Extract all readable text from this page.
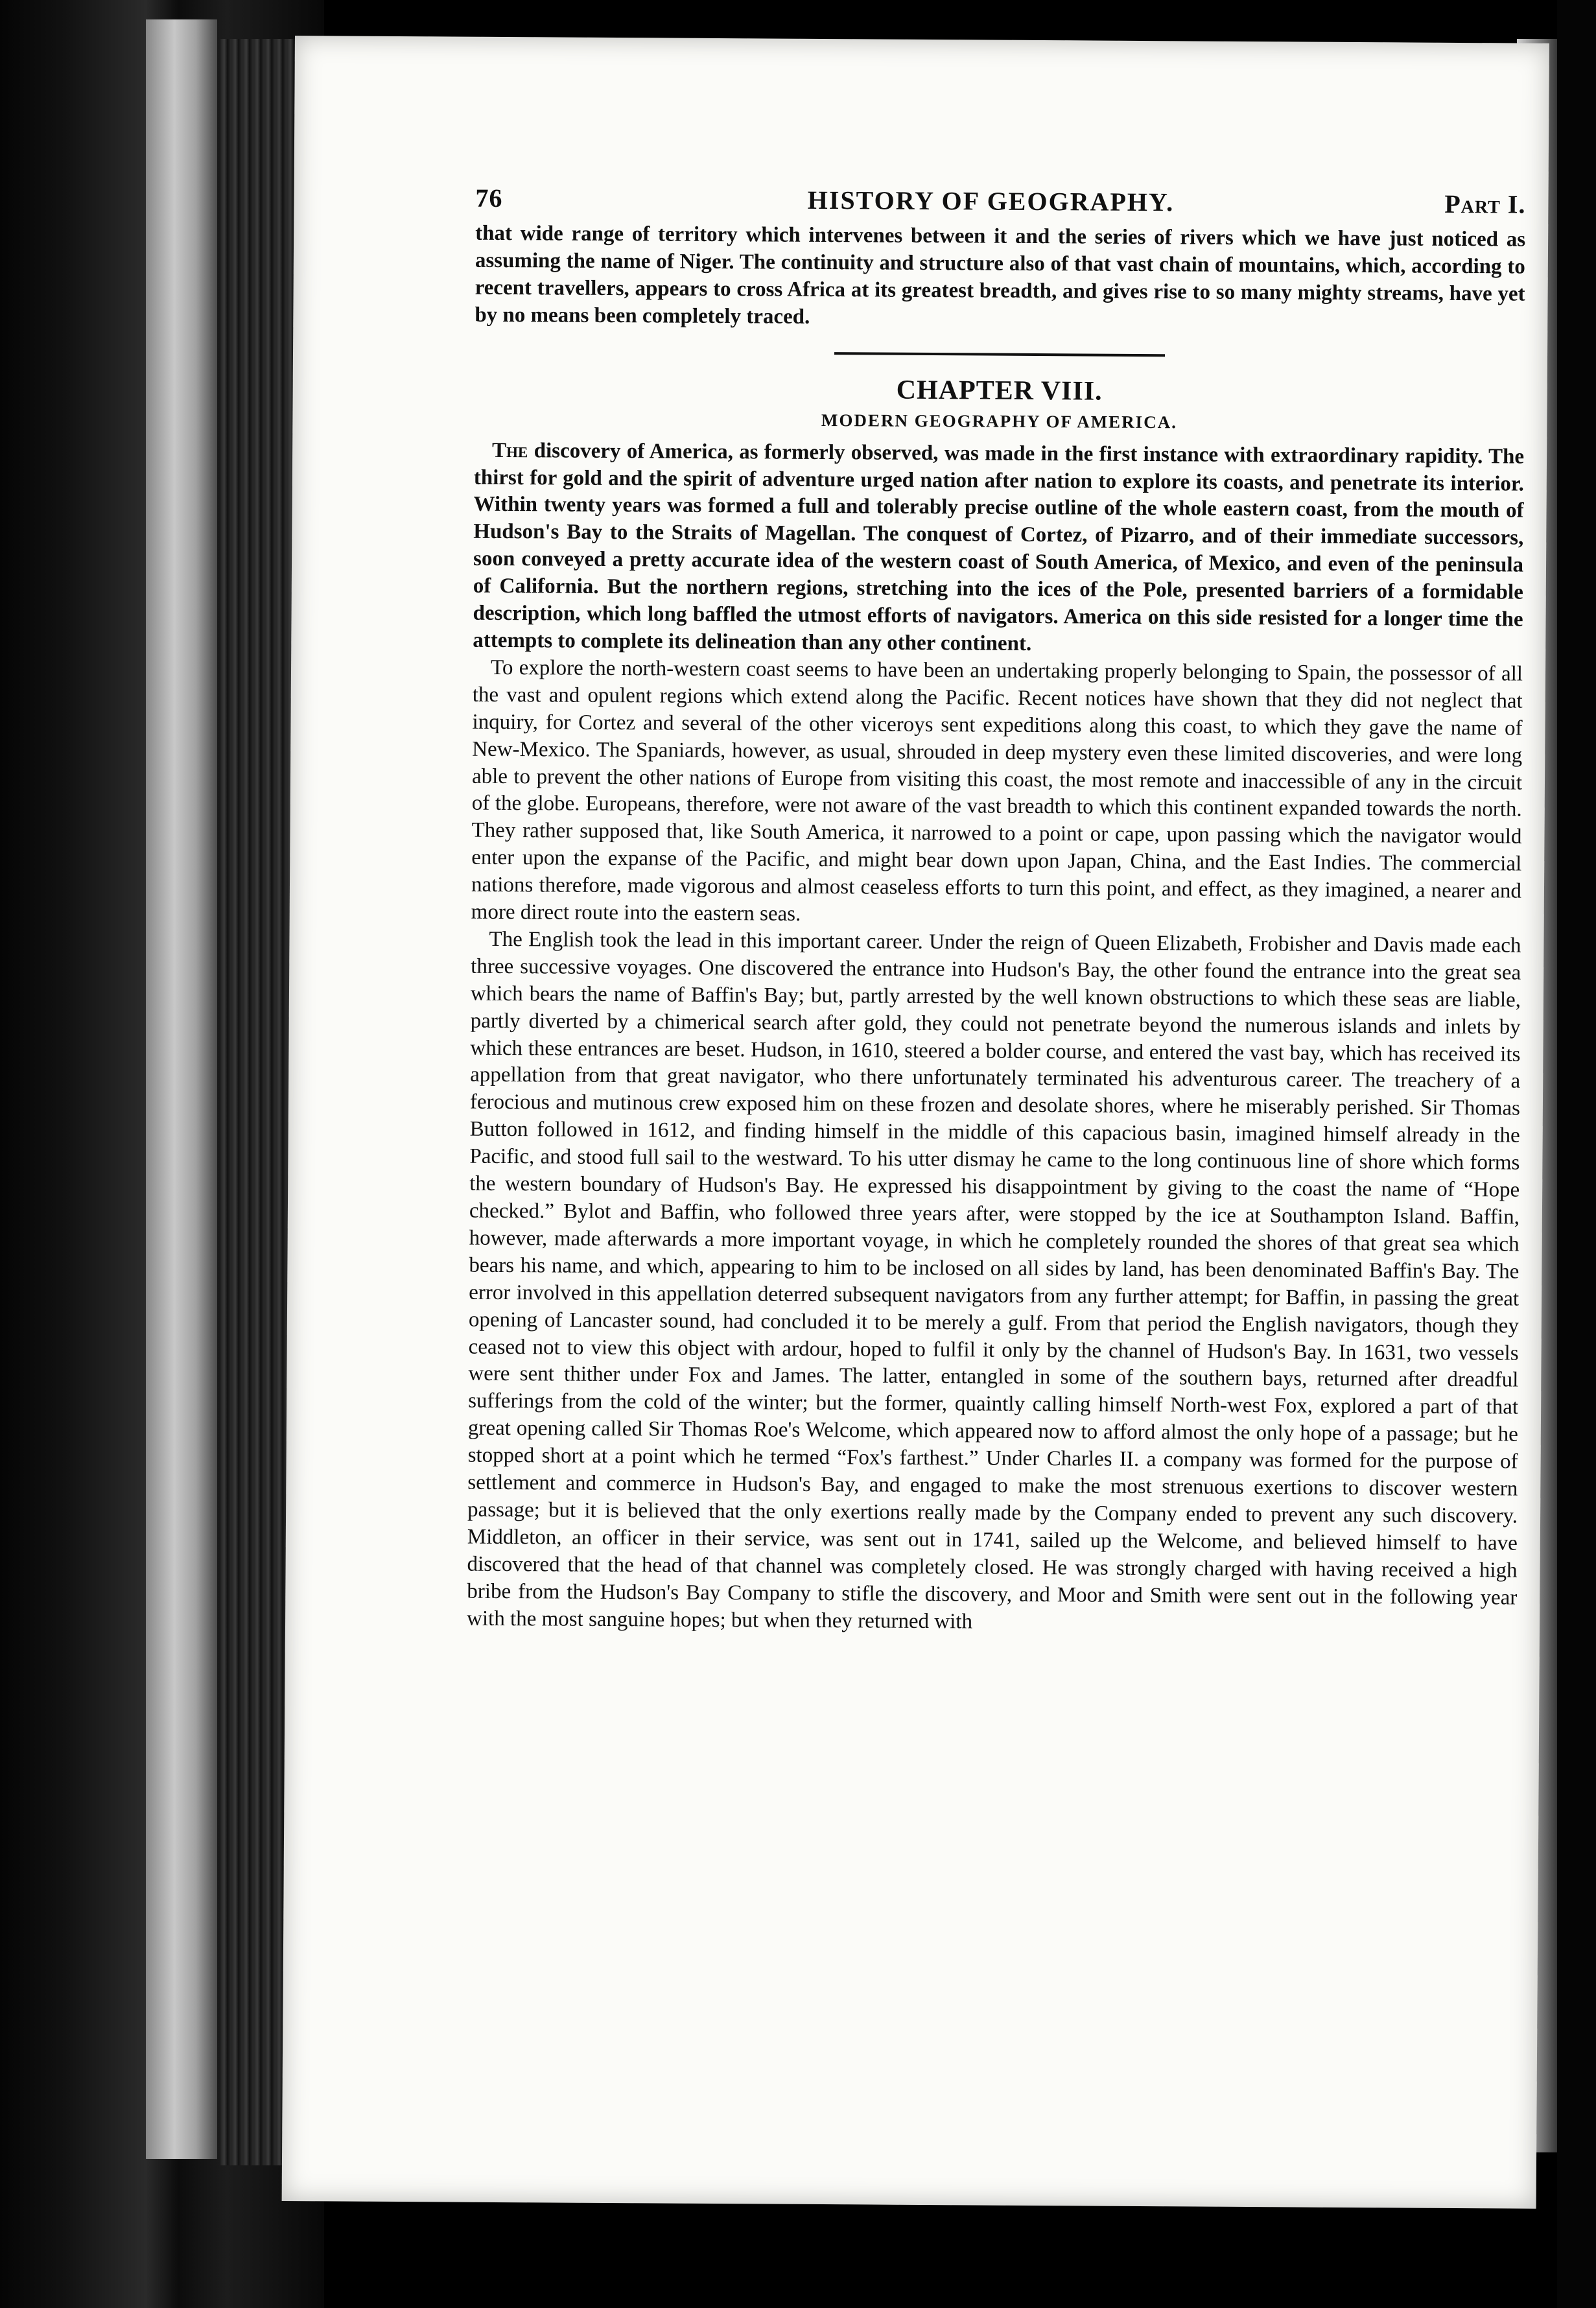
76	HISTORY OF GEOGRAPHY.	Part I.

that wide range of territory which intervenes between it and the series of rivers which we have just noticed as assuming the name of Niger. The continuity and structure also of that vast chain of mountains, which, according to recent travellers, appears to cross Africa at its greatest breadth, and gives rise to so many mighty streams, have yet by no means been completely traced.

CHAPTER VIII.
MODERN GEOGRAPHY OF AMERICA.

The discovery of America, as formerly observed, was made in the first instance with extraordinary rapidity. The thirst for gold and the spirit of adventure urged nation after nation to explore its coasts, and penetrate its interior. Within twenty years was formed a full and tolerably precise outline of the whole eastern coast, from the mouth of Hudson's Bay to the Straits of Magellan. The conquest of Cortez, of Pizarro, and of their immediate successors, soon conveyed a pretty accurate idea of the western coast of South America, of Mexico, and even of the peninsula of California. But the northern regions, stretching into the ices of the Pole, presented barriers of a formidable description, which long baffled the utmost efforts of navigators. America on this side resisted for a longer time the attempts to complete its delineation than any other continent.

To explore the north-western coast seems to have been an undertaking properly belonging to Spain, the possessor of all the vast and opulent regions which extend along the Pacific. Recent notices have shown that they did not neglect that inquiry, for Cortez and several of the other viceroys sent expeditions along this coast, to which they gave the name of New-Mexico. The Spaniards, however, as usual, shrouded in deep mystery even these limited discoveries, and were long able to prevent the other nations of Europe from visiting this coast, the most remote and inaccessible of any in the circuit of the globe. Europeans, therefore, were not aware of the vast breadth to which this continent expanded towards the north. They rather supposed that, like South America, it narrowed to a point or cape, upon passing which the navigator would enter upon the expanse of the Pacific, and might bear down upon Japan, China, and the East Indies. The commercial nations therefore, made vigorous and almost ceaseless efforts to turn this point, and effect, as they imagined, a nearer and more direct route into the eastern seas.

The English took the lead in this important career. Under the reign of Queen Elizabeth, Frobisher and Davis made each three successive voyages. One discovered the entrance into Hudson's Bay, the other found the entrance into the great sea which bears the name of Baffin's Bay; but, partly arrested by the well known obstructions to which these seas are liable, partly diverted by a chimerical search after gold, they could not penetrate beyond the numerous islands and inlets by which these entrances are beset. Hudson, in 1610, steered a bolder course, and entered the vast bay, which has received its appellation from that great navigator, who there unfortunately terminated his adventurous career. The treachery of a ferocious and mutinous crew exposed him on these frozen and desolate shores, where he miserably perished. Sir Thomas Button followed in 1612, and finding himself in the middle of this capacious basin, imagined himself already in the Pacific, and stood full sail to the westward. To his utter dismay he came to the long continuous line of shore which forms the western boundary of Hudson's Bay. He expressed his disappointment by giving to the coast the name of “Hope checked.” Bylot and Baffin, who followed three years after, were stopped by the ice at Southampton Island. Baffin, however, made afterwards a more important voyage, in which he completely rounded the shores of that great sea which bears his name, and which, appearing to him to be inclosed on all sides by land, has been denominated Baffin's Bay. The error involved in this appellation deterred subsequent navigators from any further attempt; for Baffin, in passing the great opening of Lancaster sound, had concluded it to be merely a gulf. From that period the English navigators, though they ceased not to view this object with ardour, hoped to fulfil it only by the channel of Hudson's Bay. In 1631, two vessels were sent thither under Fox and James. The latter, entangled in some of the southern bays, returned after dreadful sufferings from the cold of the winter; but the former, quaintly calling himself North-west Fox, explored a part of that great opening called Sir Thomas Roe's Welcome, which appeared now to afford almost the only hope of a passage; but he stopped short at a point which he termed “Fox's farthest.” Under Charles II. a company was formed for the purpose of settlement and commerce in Hudson's Bay, and engaged to make the most strenuous exertions to discover western passage; but it is believed that the only exertions really made by the Company ended to prevent any such discovery. Middleton, an officer in their service, was sent out in 1741, sailed up the Welcome, and believed himself to have discovered that the head of that channel was completely closed. He was strongly charged with having received a high bribe from the Hudson's Bay Company to stifle the discovery, and Moor and Smith were sent out in the following year with the most sanguine hopes; but when they returned with
